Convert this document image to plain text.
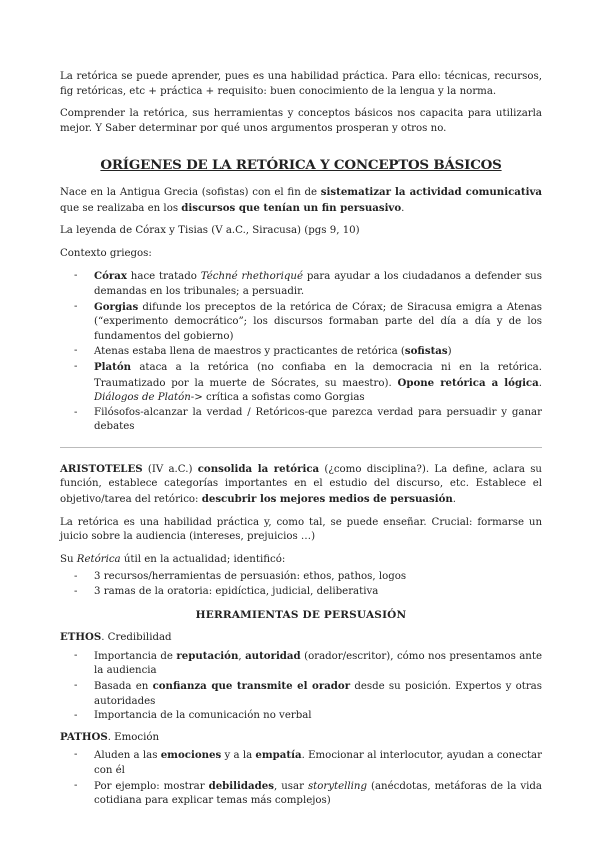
La retórica se puede aprender, pues es una habilidad práctica. Para ello: técnicas, recursos, fig retóricas, etc + práctica + requisito: buen conocimiento de la lengua y la norma.

Comprender la retórica, sus herramientas y conceptos básicos nos capacita para utilizarla mejor. Y Saber determinar por qué unos argumentos prosperan y otros no.

ORÍGENES DE LA RETÓRICA Y CONCEPTOS BÁSICOS

Nace en la Antigua Grecia (sofistas) con el fin de sistematizar la actividad comunicativa que se realizaba en los discursos que tenían un fin persuasivo.

La leyenda de Córax y Tisias (V a.C., Siracusa) (pgs 9, 10)

Contexto griegos:

- Córax hace tratado Téchné rhethoriqué para ayudar a los ciudadanos a defender sus demandas en los tribunales; a persuadir.
- Gorgias difunde los preceptos de la retórica de Córax; de Siracusa emigra a Atenas (“experimento democrático”; los discursos formaban parte del día a día y de los fundamentos del gobierno)
- Atenas estaba llena de maestros y practicantes de retórica (sofistas)
- Platón ataca a la retórica (no confiaba en la democracia ni en la retórica. Traumatizado por la muerte de Sócrates, su maestro). Opone retórica a lógica. Diálogos de Platón-> crítica a sofistas como Gorgias
- Filósofos-alcanzar la verdad / Retóricos-que parezca verdad para persuadir y ganar debates

ARISTOTELES (IV a.C.) consolida la retórica (¿como disciplina?). La define, aclara su función, establece categorías importantes en el estudio del discurso, etc. Establece el objetivo/tarea del retórico: descubrir los mejores medios de persuasión.

La retórica es una habilidad práctica y, como tal, se puede enseñar. Crucial: formarse un juicio sobre la audiencia (intereses, prejuicios …)

Su Retórica útil en la actualidad; identificó:

- 3 recursos/herramientas de persuasión: ethos, pathos, logos
- 3 ramas de la oratoria: epidíctica, judicial, deliberativa
HERRAMIENTAS DE PERSUASIÓN

ETHOS. Credibilidad

- Importancia de reputación, autoridad (orador/escritor), cómo nos presentamos ante la audiencia
- Basada en confianza que transmite el orador desde su posición. Expertos y otras autoridades
- Importancia de la comunicación no verbal

PATHOS. Emoción

- Aluden a las emociones y a la empatía. Emocionar al interlocutor, ayudan a conectar con él
- Por ejemplo: mostrar debilidades, usar storytelling (anécdotas, metáforas de la vida cotidiana para explicar temas más complejos)
